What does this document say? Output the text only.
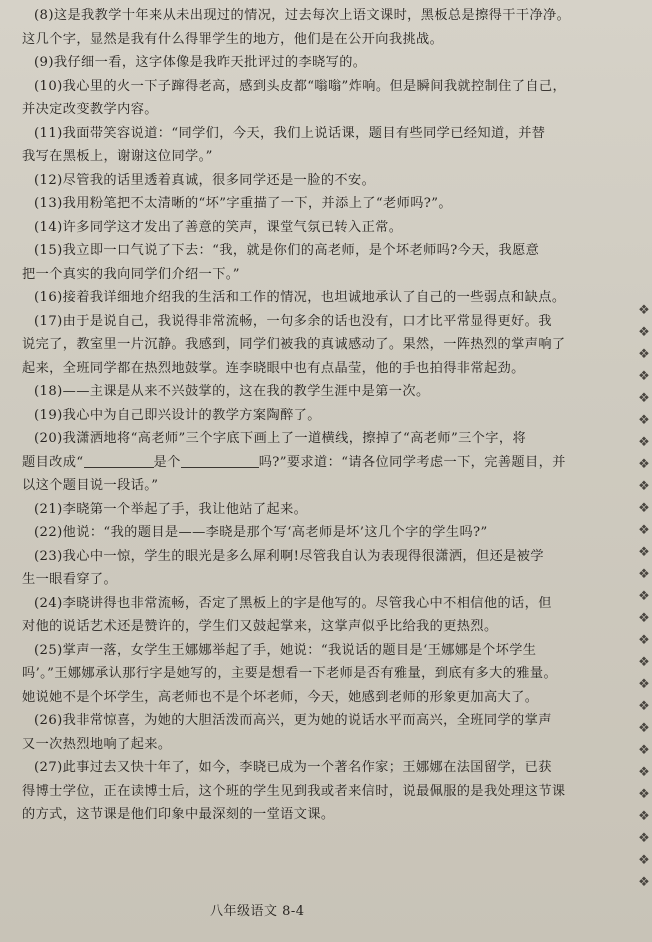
(8)这是我教学十年来从未出现过的情况，过去每次上语文课时，黑板总是擦得干干净净。

这几个字，显然是我有什么得罪学生的地方，他们是在公开向我挑战。

(9)我仔细一看，这字体像是我昨天批评过的李晓写的。

(10)我心里的火一下子蹿得老高，感到头皮都“嗡嗡”炸响。但是瞬间我就控制住了自己，

并决定改变教学内容。

(11)我面带笑容说道：“同学们，今天，我们上说话课，题目有些同学已经知道，并替

我写在黑板上，谢谢这位同学。”

(12)尽管我的话里透着真诚，很多同学还是一脸的不安。

(13)我用粉笔把不太清晰的“坏”字重描了一下，并添上了“老师吗?”。

(14)许多同学这才发出了善意的笑声，课堂气氛已转入正常。

(15)我立即一口气说了下去：“我，就是你们的高老师，是个坏老师吗?今天，我愿意

把一个真实的我向同学们介绍一下。”

(16)接着我详细地介绍我的生活和工作的情况，也坦诚地承认了自己的一些弱点和缺点。

(17)由于是说自己，我说得非常流畅，一句多余的话也没有，口才比平常显得更好。我

说完了，教室里一片沉静。我感到，同学们被我的真诚感动了。果然，一阵热烈的掌声响了

起来，全班同学都在热烈地鼓掌。连李晓眼中也有点晶莹，他的手也拍得非常起劲。

(18)——主课是从来不兴鼓掌的，这在我的教学生涯中是第一次。

(19)我心中为自己即兴设计的教学方案陶醉了。

(20)我潇洒地将“高老师”三个字底下画上了一道横线，擦掉了“高老师”三个字，将

题目改成“	是个	吗?”要求道：“请各位同学考虑一下，完善题目，并

以这个题目说一段话。”

(21)李晓第一个举起了手，我让他站了起来。

(22)他说：“我的题目是——李晓是那个写‘高老师是坏’这几个字的学生吗?”

(23)我心中一惊，学生的眼光是多么犀利啊!尽管我自认为表现得很潇洒，但还是被学

生一眼看穿了。

(24)李晓讲得也非常流畅，否定了黑板上的字是他写的。尽管我心中不相信他的话，但

对他的说话艺术还是赞许的，学生们又鼓起掌来，这掌声似乎比给我的更热烈。

(25)掌声一落，女学生王娜娜举起了手，她说：“我说话的题目是‘王娜娜是个坏学生

吗’。”王娜娜承认那行字是她写的，主要是想看一下老师是否有雅量，到底有多大的雅量。

她说她不是个坏学生，高老师也不是个坏老师，今天，她感到老师的形象更加高大了。

(26)我非常惊喜，为她的大胆活泼而高兴，更为她的说话水平而高兴，全班同学的掌声

又一次热烈地响了起来。

(27)此事过去又快十年了，如今，李晓已成为一个著名作家；王娜娜在法国留学，已获

得博士学位，正在读博士后，这个班的学生见到我或者来信时，说最佩服的是我处理这节课

的方式，这节课是他们印象中最深刻的一堂语文课。

❖
❖
❖
❖
❖
❖
❖
❖
❖
❖
❖
❖
❖
❖
❖
❖
❖
❖
❖
❖
❖
❖
❖
❖
❖
❖
❖
八年级语文 8-4
